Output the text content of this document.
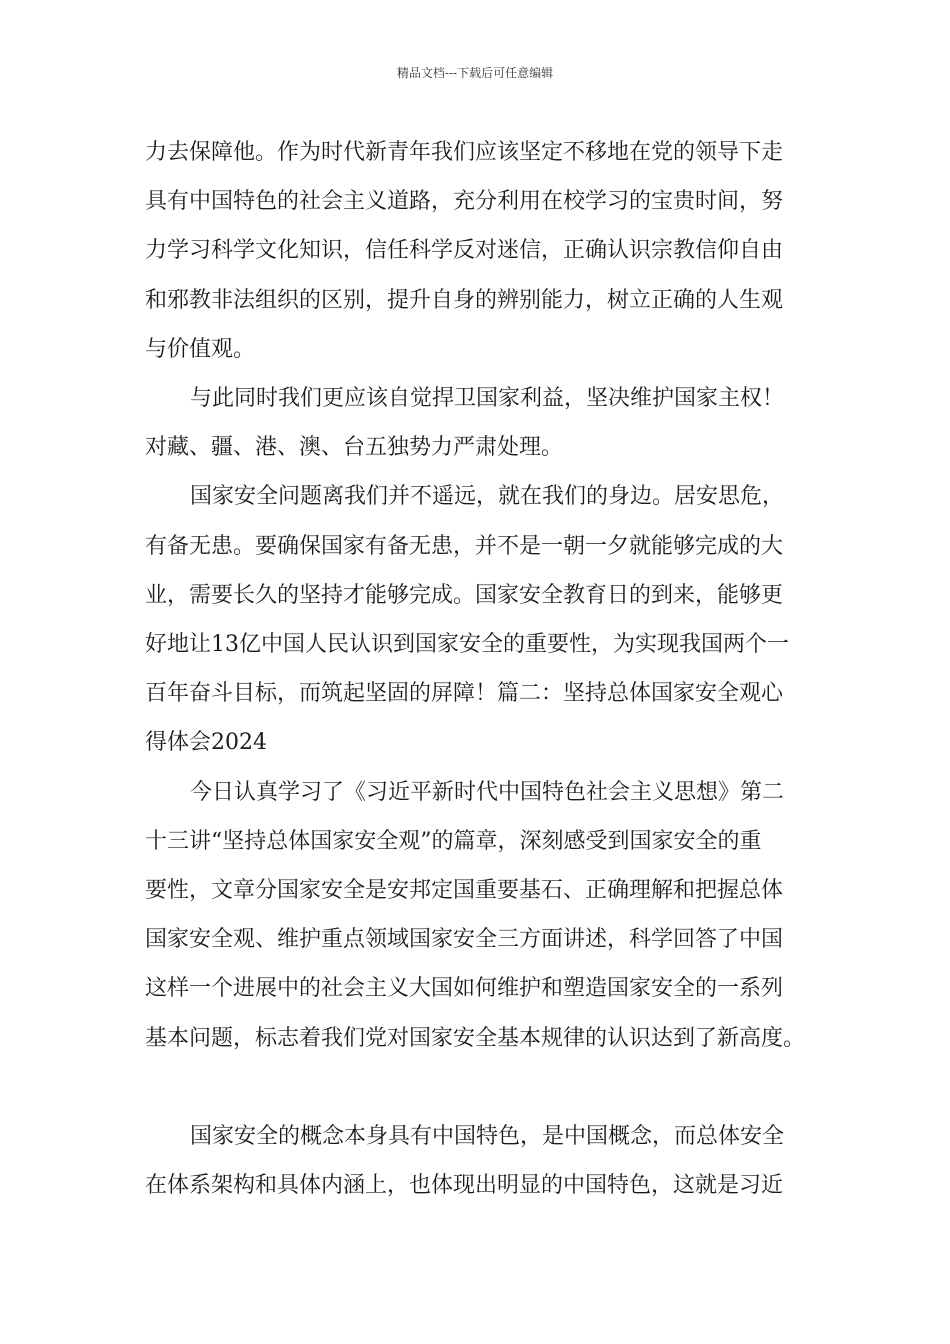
精品文档---下载后可任意编辑

力去保障他。作为时代新青年我们应该坚定不移地在党的领导下走
具有中国特色的社会主义道路，充分利用在校学习的宝贵时间，努
力学习科学文化知识，信任科学反对迷信，正确认识宗教信仰自由
和邪教非法组织的区别，提升自身的辨别能力，树立正确的人生观
与价值观。

与此同时我们更应该自觉捍卫国家利益，坚决维护国家主权！
对藏、疆、港、澳、台五独势力严肃处理。

国家安全问题离我们并不遥远，就在我们的身边。居安思危，
有备无患。要确保国家有备无患，并不是一朝一夕就能够完成的大
业，需要长久的坚持才能够完成。国家安全教育日的到来，能够更
好地让13亿中国人民认识到国家安全的重要性，为实现我国两个一
百年奋斗目标，而筑起坚固的屏障！篇二：坚持总体国家安全观心
得体会2024

今日认真学习了《习近平新时代中国特色社会主义思想》第二
十三讲“坚持总体国家安全观”的篇章，深刻感受到国家安全的重
要性，文章分国家安全是安邦定国重要基石、正确理解和把握总体
国家安全观、维护重点领域国家安全三方面讲述，科学回答了中国
这样一个进展中的社会主义大国如何维护和塑造国家安全的一系列
基本问题，标志着我们党对国家安全基本规律的认识达到了新高度。

国家安全的概念本身具有中国特色，是中国概念，而总体安全
在体系架构和具体内涵上，也体现出明显的中国特色，这就是习近
